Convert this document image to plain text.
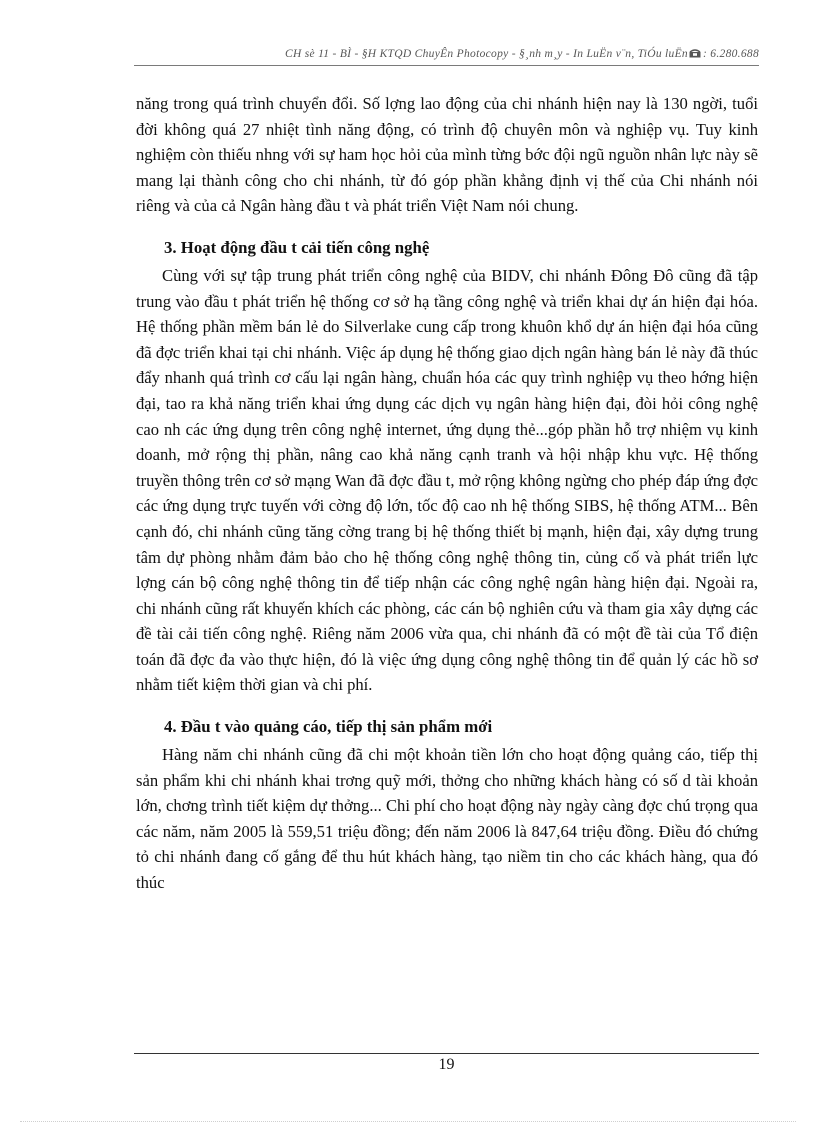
CH sè 11 - BÌ - §H KTQD ChuyÊn Photocopy - §¸nh m¸y - In LuËn v¨n, TiÓu luËn : 6.280.688

năng trong quá trình chuyển đổi. Số lợng lao động của chi nhánh hiện nay là 130 ngời, tuổi đời không quá 27 nhiệt tình năng động, có trình độ chuyên môn và nghiệp vụ. Tuy kinh nghiệm còn thiếu nhng với sự ham học hỏi của mình từng bớc đội ngũ nguồn nhân lực này sẽ mang lại thành công cho chi nhánh, từ đó góp phần khẳng định vị thế của Chi nhánh nói riêng và của cả Ngân hàng đầu t và phát triển Việt Nam nói chung.

3. Hoạt động đầu t cải tiến công nghệ

Cùng với sự tập trung phát triển công nghệ của BIDV, chi nhánh Đông Đô cũng đã tập trung vào đầu t phát triển hệ thống cơ sở hạ tầng công nghệ và triển khai dự án hiện đại hóa. Hệ thống phần mềm bán lẻ do Silverlake cung cấp trong khuôn khổ dự án hiện đại hóa cũng đã đợc triển khai tại chi nhánh. Việc áp dụng hệ thống giao dịch ngân hàng bán lẻ này đã thúc đẩy nhanh quá trình cơ cấu lại ngân hàng, chuẩn hóa các quy trình nghiệp vụ theo hớng hiện đại, tao ra khả năng triển khai ứng dụng các dịch vụ ngân hàng hiện đại, đòi hỏi công nghệ cao nh các ứng dụng trên công nghệ internet, ứng dụng thẻ...góp phần hỗ trợ nhiệm vụ kinh doanh, mở rộng thị phần, nâng cao khả năng cạnh tranh và hội nhập khu vực. Hệ thống truyền thông trên cơ sở mạng Wan đã đợc đầu t, mở rộng không ngừng cho phép đáp ứng đợc các ứng dụng trực tuyến với cờng độ lớn, tốc độ cao nh hệ thống SIBS, hệ thống ATM... Bên cạnh đó, chi nhánh cũng tăng cờng trang bị hệ thống thiết bị mạnh, hiện đại, xây dựng trung tâm dự phòng nhằm đảm bảo cho hệ thống công nghệ thông tin, củng cố và phát triển lực lợng cán bộ công nghệ thông tin để tiếp nhận các công nghệ ngân hàng hiện đại. Ngoài ra, chi nhánh cũng rất khuyến khích các phòng, các cán bộ nghiên cứu và tham gia xây dựng các đề tài cải tiến công nghệ. Riêng năm 2006 vừa qua, chi nhánh đã có một đề tài của Tổ điện toán đã đợc đa vào thực hiện, đó là việc ứng dụng công nghệ thông tin để quản lý các hồ sơ nhằm tiết kiệm thời gian và chi phí.

4. Đầu t vào quảng cáo, tiếp thị sản phẩm mới

Hàng năm chi nhánh cũng đã chi một khoản tiền lớn cho hoạt động quảng cáo, tiếp thị sản phẩm khi chi nhánh khai trơng quỹ mới, thởng cho những khách hàng có số d tài khoản lớn, chơng trình tiết kiệm dự thởng... Chi phí cho hoạt động này ngày càng đợc chú trọng qua các năm, năm 2005 là 559,51 triệu đồng; đến năm 2006 là 847,64 triệu đồng. Điều đó chứng tỏ chi nhánh đang cố gắng để thu hút khách hàng, tạo niềm tin cho các khách hàng, qua đó thúc

19
